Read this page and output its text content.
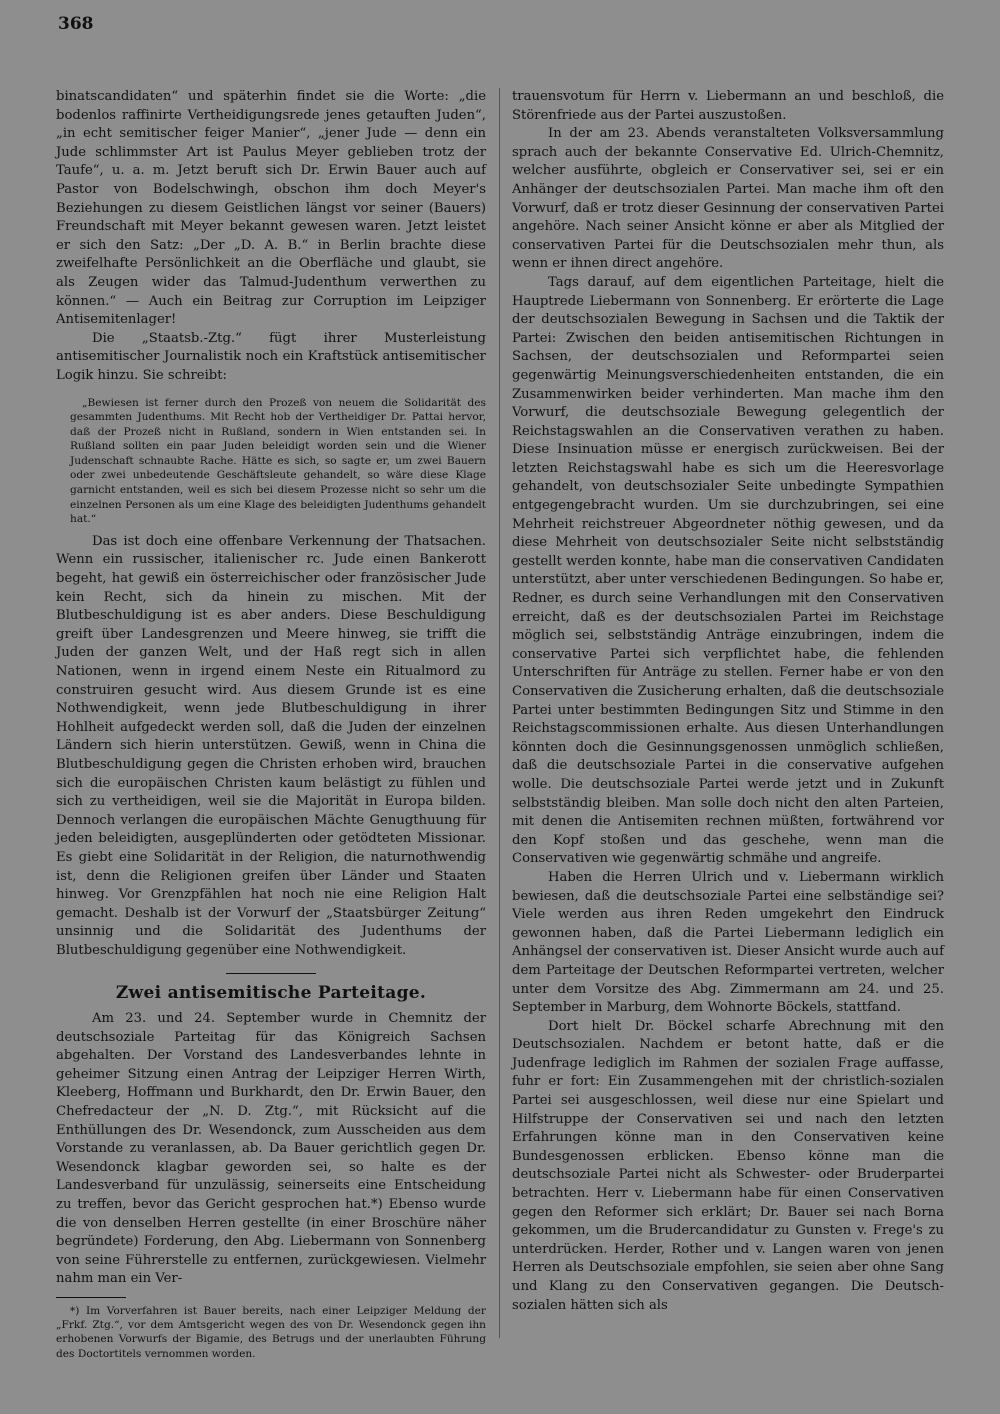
368

binatscandidaten“ und späterhin findet sie die Worte: „die bodenlos raffinirte Vertheidigungsrede jenes getauften Juden“, „in echt semitischer feiger Manier“, „jener Jude — denn ein Jude schlimmster Art ist Paulus Meyer geblieben trotz der Taufe“, u. a. m. Jetzt beruft sich Dr. Erwin Bauer auch auf Pastor von Bodelschwingh, obschon ihm doch Meyer's Beziehungen zu diesem Geistlichen längst vor seiner (Bauers) Freundschaft mit Meyer bekannt gewesen waren. Jetzt leistet er sich den Satz: „Der „D. A. B.“ in Berlin brachte diese zweifelhafte Persönlichkeit an die Oberfläche und glaubt, sie als Zeugen wider das Talmud-Judenthum verwerthen zu können.“ — Auch ein Beitrag zur Corruption im Leipziger Antisemitenlager!

Die „Staatsb.-Ztg.“ fügt ihrer Musterleistung antisemitischer Journalistik noch ein Kraftstück antisemitischer Logik hinzu. Sie schreibt:

„Bewiesen ist ferner durch den Prozeß von neuem die Solidarität des gesammten Judenthums. Mit Recht hob der Vertheidiger Dr. Pattai hervor, daß der Prozeß nicht in Rußland, sondern in Wien entstanden sei. In Rußland sollten ein paar Juden beleidigt worden sein und die Wiener Judenschaft schnaubte Rache. Hätte es sich, so sagte er, um zwei Bauern oder zwei unbedeutende Geschäftsleute gehandelt, so wäre diese Klage garnicht entstanden, weil es sich bei diesem Prozesse nicht so sehr um die einzelnen Personen als um eine Klage des beleidigten Judenthums gehandelt hat.“

Das ist doch eine offenbare Verkennung der Thatsachen. Wenn ein russischer, italienischer rc. Jude einen Bankerott begeht, hat gewiß ein österreichischer oder französischer Jude kein Recht, sich da hinein zu mischen. Mit der Blutbeschuldigung ist es aber anders. Diese Beschuldigung greift über Landesgrenzen und Meere hinweg, sie trifft die Juden der ganzen Welt, und der Haß regt sich in allen Nationen, wenn in irgend einem Neste ein Ritualmord zu construiren gesucht wird. Aus diesem Grunde ist es eine Nothwendigkeit, wenn jede Blutbeschuldigung in ihrer Hohlheit aufgedeckt werden soll, daß die Juden der einzelnen Ländern sich hierin unterstützen. Gewiß, wenn in China die Blutbeschuldigung gegen die Christen erhoben wird, brauchen sich die europäischen Christen kaum belästigt zu fühlen und sich zu vertheidigen, weil sie die Majorität in Europa bilden. Dennoch verlangen die europäischen Mächte Genugthuung für jeden beleidigten, ausgeplünderten oder getödteten Missionar. Es giebt eine Solidarität in der Religion, die naturnothwendig ist, denn die Religionen greifen über Länder und Staaten hinweg. Vor Grenzpfählen hat noch nie eine Religion Halt gemacht. Deshalb ist der Vorwurf der „Staatsbürger Zeitung“ unsinnig und die Solidarität des Judenthums der Blutbeschuldigung gegenüber eine Nothwendigkeit.

Zwei antisemitische Parteitage.

Am 23. und 24. September wurde in Chemnitz der deutschsoziale Parteitag für das Königreich Sachsen abgehalten. Der Vorstand des Landesverbandes lehnte in geheimer Sitzung einen Antrag der Leipziger Herren Wirth, Kleeberg, Hoffmann und Burkhardt, den Dr. Erwin Bauer, den Chefredacteur der „N. D. Ztg.“, mit Rücksicht auf die Enthüllungen des Dr. Wesendonck, zum Ausscheiden aus dem Vorstande zu veranlassen, ab. Da Bauer gerichtlich gegen Dr. Wesendonck klagbar geworden sei, so halte es der Landesverband für unzulässig, seinerseits eine Entscheidung zu treffen, bevor das Gericht gesprochen hat.*) Ebenso wurde die von denselben Herren gestellte (in einer Broschüre näher begründete) Forderung, den Abg. Liebermann von Sonnenberg von seine Führerstelle zu entfernen, zurückgewiesen. Vielmehr nahm man ein Ver-

*) Im Vorverfahren ist Bauer bereits, nach einer Leipziger Meldung der „Frkf. Ztg.“, vor dem Amtsgericht wegen des von Dr. Wesendonck gegen ihn erhobenen Vorwurfs der Bigamie, des Betrugs und der unerlaubten Führung des Doctortitels vernommen worden.

trauensvotum für Herrn v. Liebermann an und beschloß, die Störenfriede aus der Partei auszustoßen.

In der am 23. Abends veranstalteten Volksversammlung sprach auch der bekannte Conservative Ed. Ulrich-Chemnitz, welcher ausführte, obgleich er Conservativer sei, sei er ein Anhänger der deutschsozialen Partei. Man mache ihm oft den Vorwurf, daß er trotz dieser Gesinnung der conservativen Partei angehöre. Nach seiner Ansicht könne er aber als Mitglied der conservativen Partei für die Deutschsozialen mehr thun, als wenn er ihnen direct angehöre.

Tags darauf, auf dem eigentlichen Parteitage, hielt die Hauptrede Liebermann von Sonnenberg. Er erörterte die Lage der deutschsozialen Bewegung in Sachsen und die Taktik der Partei: Zwischen den beiden antisemitischen Richtungen in Sachsen, der deutschsozialen und Reformpartei seien gegenwärtig Meinungsverschiedenheiten entstanden, die ein Zusammenwirken beider verhinderten. Man mache ihm den Vorwurf, die deutschsoziale Bewegung gelegentlich der Reichstagswahlen an die Conservativen verathen zu haben. Diese Insinuation müsse er energisch zurückweisen. Bei der letzten Reichstagswahl habe es sich um die Heeresvorlage gehandelt, von deutschsozialer Seite unbedingte Sympathien entgegengebracht wurden. Um sie durchzubringen, sei eine Mehrheit reichstreuer Abgeordneter nöthig gewesen, und da diese Mehrheit von deutschsozialer Seite nicht selbstständig gestellt werden konnte, habe man die conservativen Candidaten unterstützt, aber unter verschiedenen Bedingungen. So habe er, Redner, es durch seine Verhandlungen mit den Conservativen erreicht, daß es der deutschsozialen Partei im Reichstage möglich sei, selbstständig Anträge einzubringen, indem die conservative Partei sich verpflichtet habe, die fehlenden Unterschriften für Anträge zu stellen. Ferner habe er von den Conservativen die Zusicherung erhalten, daß die deutschsoziale Partei unter bestimmten Bedingungen Sitz und Stimme in den Reichstagscommissionen erhalte. Aus diesen Unterhandlungen könnten doch die Gesinnungsgenossen unmöglich schließen, daß die deutschsoziale Partei in die conservative aufgehen wolle. Die deutschsoziale Partei werde jetzt und in Zukunft selbstständig bleiben. Man solle doch nicht den alten Parteien, mit denen die Antisemiten rechnen müßten, fortwährend vor den Kopf stoßen und das geschehe, wenn man die Conservativen wie gegenwärtig schmähe und angreife.

Haben die Herren Ulrich und v. Liebermann wirklich bewiesen, daß die deutschsoziale Partei eine selbständige sei? Viele werden aus ihren Reden umgekehrt den Eindruck gewonnen haben, daß die Partei Liebermann lediglich ein Anhängsel der conservativen ist. Dieser Ansicht wurde auch auf dem Parteitage der Deutschen Reformpartei vertreten, welcher unter dem Vorsitze des Abg. Zimmermann am 24. und 25. September in Marburg, dem Wohnorte Böckels, stattfand.

Dort hielt Dr. Böckel scharfe Abrechnung mit den Deutschsozialen. Nachdem er betont hatte, daß er die Judenfrage lediglich im Rahmen der sozialen Frage auffasse, fuhr er fort: Ein Zusammengehen mit der christlich-sozialen Partei sei ausgeschlossen, weil diese nur eine Spielart und Hilfstruppe der Conservativen sei und nach den letzten Erfahrungen könne man in den Conservativen keine Bundesgenossen erblicken. Ebenso könne man die deutschsoziale Partei nicht als Schwester- oder Bruderpartei betrachten. Herr v. Liebermann habe für einen Conservativen gegen den Reformer sich erklärt; Dr. Bauer sei nach Borna gekommen, um die Brudercandidatur zu Gunsten v. Frege's zu unterdrücken. Herder, Rother und v. Langen waren von jenen Herren als Deutschsoziale empfohlen, sie seien aber ohne Sang und Klang zu den Conservativen gegangen. Die Deutsch-sozialen hätten sich als
